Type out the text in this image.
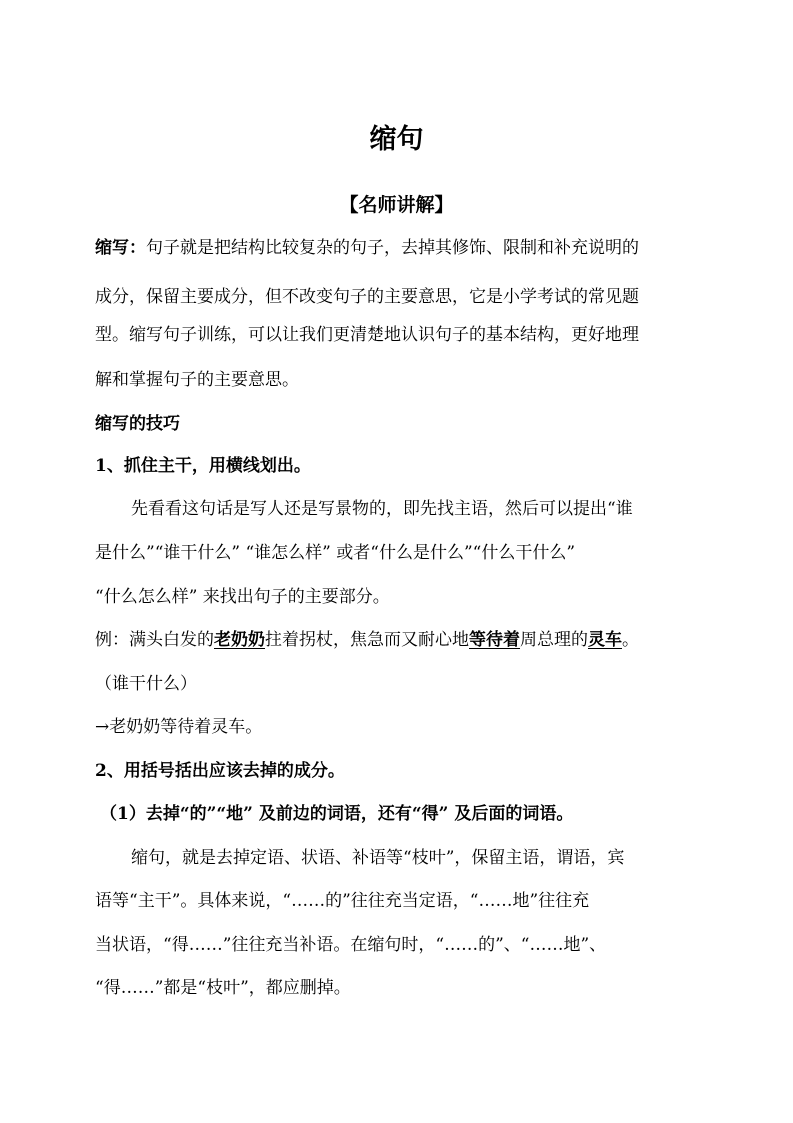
缩句
【名师讲解】
缩写：句子就是把结构比较复杂的句子，去掉其修饰、限制和补充说明的
成分，保留主要成分，但不改变句子的主要意思，它是小学考试的常见题
型。缩写句子训练，可以让我们更清楚地认识句子的基本结构，更好地理
解和掌握句子的主要意思。
缩写的技巧
1、抓住主干，用横线划出。
先看看这句话是写人还是写景物的，即先找主语，然后可以提出“谁
是什么”“谁干什么” “谁怎么样” 或者“什么是什么”“什么干什么”
“什么怎么样” 来找出句子的主要部分。
例：满头白发的老奶奶拄着拐杖，焦急而又耐心地等待着周总理的灵车。
（谁干什么）
→老奶奶等待着灵车。
2、用括号括出应该去掉的成分。
（1）去掉“的”“地” 及前边的词语，还有“得” 及后面的词语。
缩句，就是去掉定语、状语、补语等“枝叶”，保留主语，谓语，宾
语等“主干”。具体来说，“……的”往往充当定语，“……地”往往充
当状语，“得……”往往充当补语。在缩句时，“……的”、“……地”、
“得……”都是“枝叶”，都应删掉。
